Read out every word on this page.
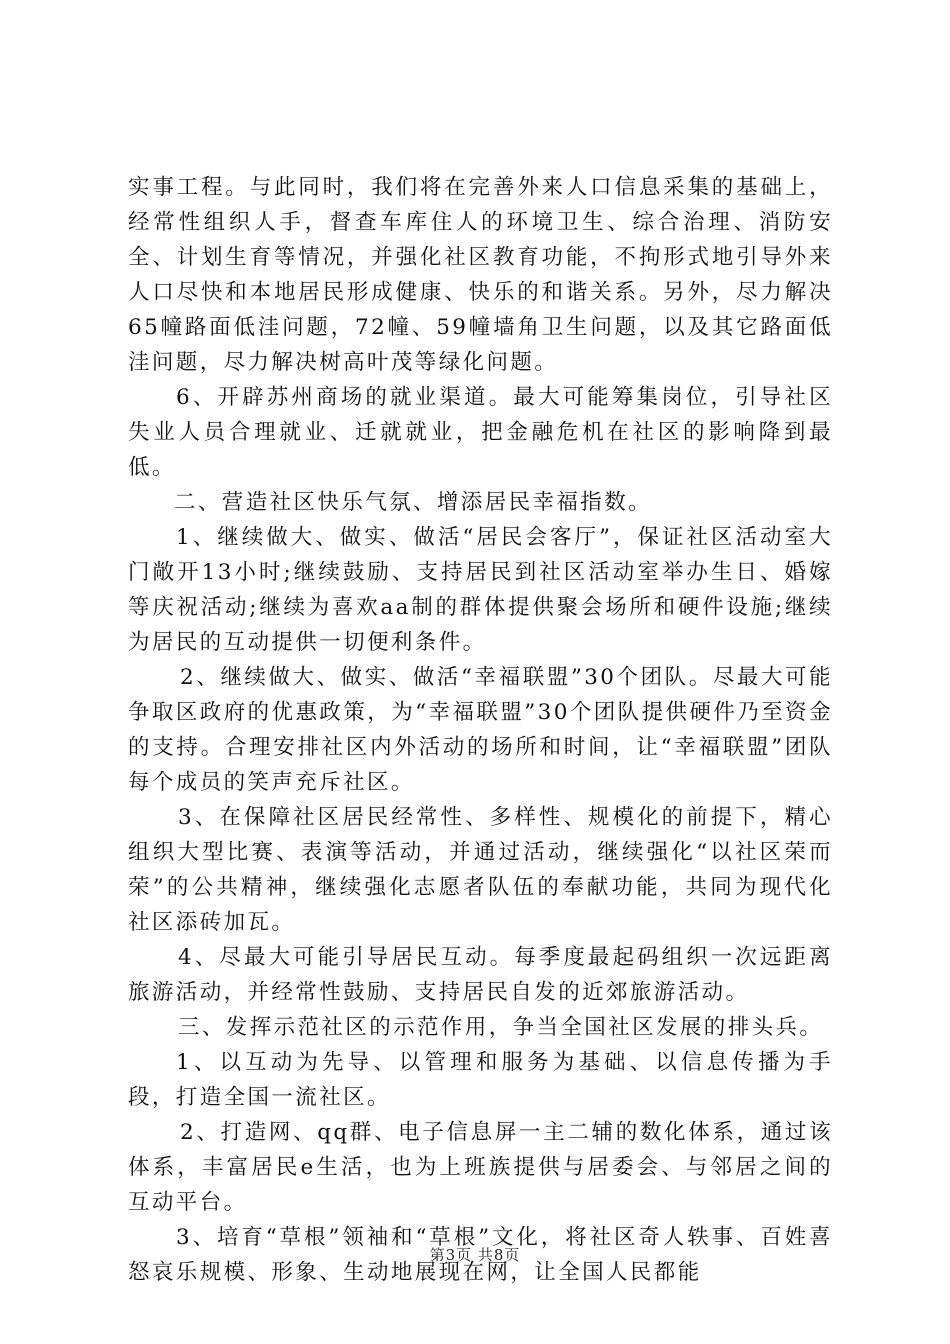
实事工程。与此同时，我们将在完善外来人口信息采集的基础上，经常性组织人手，督查车库住人的环境卫生、综合治理、消防安全、计划生育等情况，并强化社区教育功能，不拘形式地引导外来人口尽快和本地居民形成健康、快乐的和谐关系。另外，尽力解决65幢路面低洼问题，72幢、59幢墙角卫生问题，以及其它路面低洼问题，尽力解决树高叶茂等绿化问题。

6、开辟苏州商场的就业渠道。最大可能筹集岗位，引导社区失业人员合理就业、迁就就业，把金融危机在社区的影响降到最低。

二、营造社区快乐气氛、增添居民幸福指数。

1、继续做大、做实、做活“居民会客厅”，保证社区活动室大门敞开13小时;继续鼓励、支持居民到社区活动室举办生日、婚嫁等庆祝活动;继续为喜欢aa制的群体提供聚会场所和硬件设施;继续为居民的互动提供一切便利条件。

2、继续做大、做实、做活“幸福联盟”30个团队。尽最大可能争取区政府的优惠政策，为“幸福联盟”30个团队提供硬件乃至资金的支持。合理安排社区内外活动的场所和时间，让“幸福联盟”团队每个成员的笑声充斥社区。

3、在保障社区居民经常性、多样性、规模化的前提下，精心组织大型比赛、表演等活动，并通过活动，继续强化“以社区荣而荣”的公共精神，继续强化志愿者队伍的奉献功能，共同为现代化社区添砖加瓦。

4、尽最大可能引导居民互动。每季度最起码组织一次远距离旅游活动，并经常性鼓励、支持居民自发的近郊旅游活动。

三、发挥示范社区的示范作用，争当全国社区发展的排头兵。

1、以互动为先导、以管理和服务为基础、以信息传播为手段，打造全国一流社区。

2、打造网、qq群、电子信息屏一主二辅的数化体系，通过该体系，丰富居民e生活，也为上班族提供与居委会、与邻居之间的互动平台。

3、培育“草根”领袖和“草根”文化，将社区奇人轶事、百姓喜怒哀乐规模、形象、生动地展现在网，让全国人民都能

第3页 共8页
